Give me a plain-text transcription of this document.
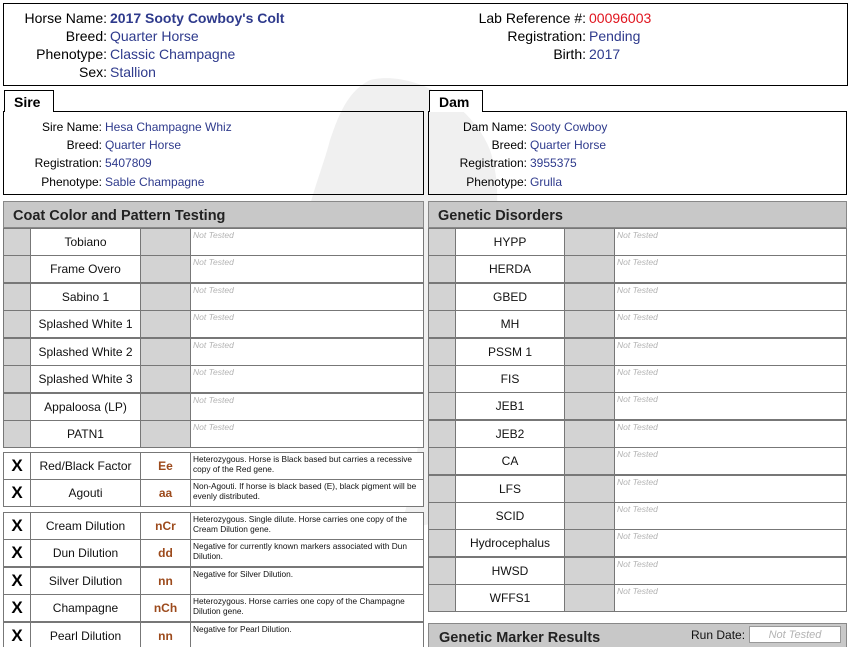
Horse Name: 2017 Sooty Cowboy's Colt
Breed: Quarter Horse
Phenotype: Classic Champagne
Sex: Stallion
Lab Reference #: 00096003
Registration: Pending
Birth: 2017
Sire
Sire Name: Hesa Champagne Whiz
Breed: Quarter Horse
Registration: 5407809
Phenotype: Sable Champagne
Dam
Dam Name: Sooty Cowboy
Breed: Quarter Horse
Registration: 3955375
Phenotype: Grulla
Coat Color and Pattern Testing	Genetic Disorders
Tobiano	Not Tested
Frame Overo	Not Tested
Sabino 1	Not Tested
Splashed White 1	Not Tested
Splashed White 2	Not Tested
Splashed White 3	Not Tested
Appaloosa (LP)	Not Tested
PATN1	Not Tested
X	Red/Black Factor	Ee	Heterozygous. Horse is Black based but carries a recessive copy of the Red gene.
X	Agouti	aa	Non-Agouti. If horse is black based (E), black pigment will be evenly distributed.
X	Cream Dilution	nCr	Heterozygous. Single dilute. Horse carries one copy of the Cream Dilution gene.
X	Dun Dilution	dd	Negative for currently known markers associated with Dun Dilution.
X	Silver Dilution	nn	Negative for Silver Dilution.
X	Champagne	nCh	Heterozygous. Horse carries one copy of the Champagne Dilution gene.
X	Pearl Dilution	nn	Negative for Pearl Dilution.
HYPP	Not Tested
HERDA	Not Tested
GBED	Not Tested
MH	Not Tested
PSSM 1	Not Tested
FIS	Not Tested
JEB1	Not Tested
JEB2	Not Tested
CA	Not Tested
LFS	Not Tested
SCID	Not Tested
Hydrocephalus	Not Tested
HWSD	Not Tested
WFFS1	Not Tested
Genetic Marker Results	Run Date:	Not Tested
